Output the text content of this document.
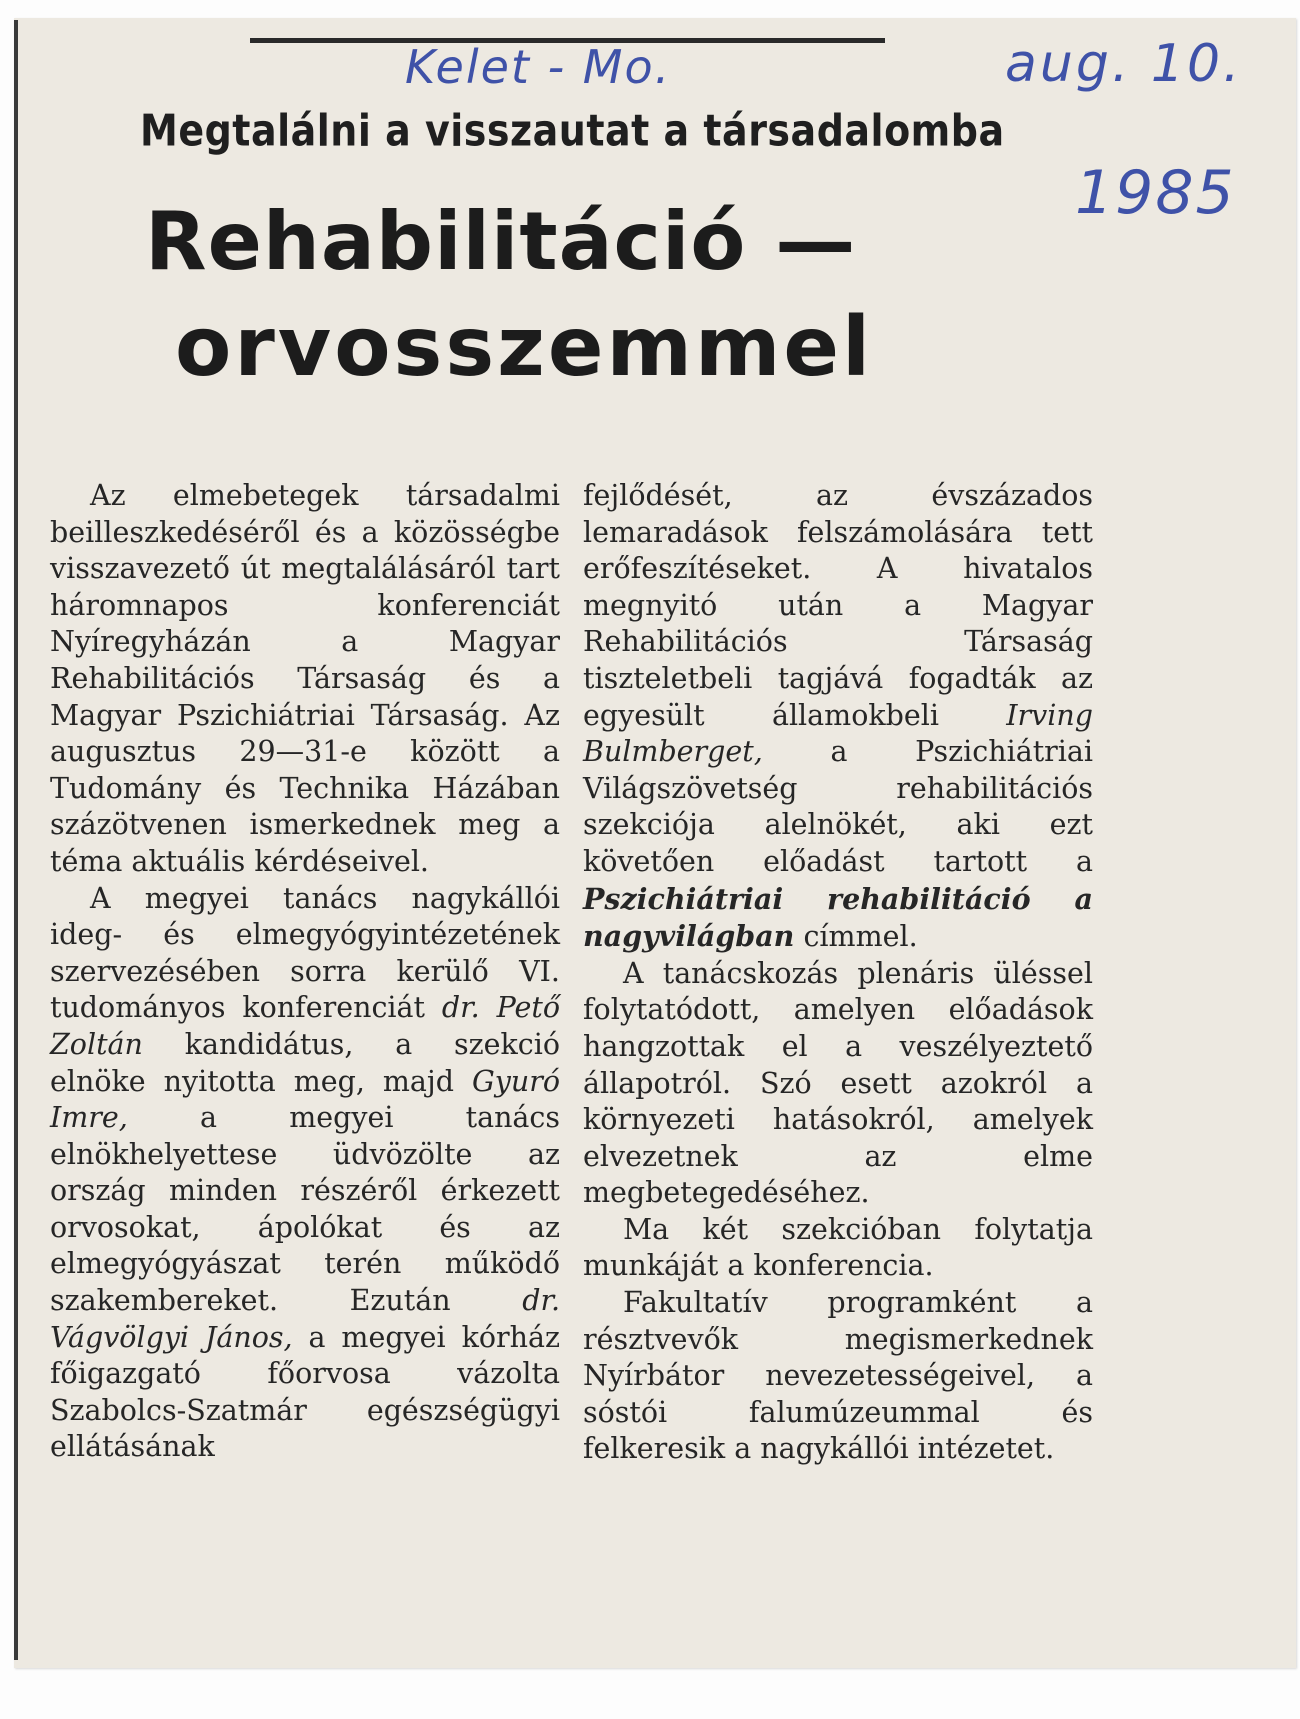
Kelet - Mo.	aug. 10.
1985
Megtalálni a visszautat a társadalomba
Rehabilitáció —
orvosszemmel

Az elmebetegek társadalmi beilleszkedéséről és a közösségbe visszavezető út megtalálásáról tart háromnapos konferenciát Nyíregyházán a Magyar Rehabilitációs Társaság és a Magyar Pszichiátriai Társaság. Az augusztus 29—31-e között a Tudomány és Technika Házában százötvenen ismerkednek meg a téma aktuális kérdéseivel.

A megyei tanács nagykállói ideg- és elmegyógyintézetének szervezésében sorra kerülő VI. tudományos konferenciát dr. Pető Zoltán kandidátus, a szekció elnöke nyitotta meg, majd Gyuró Imre, a megyei tanács elnökhelyettese üdvözölte az ország minden részéről érkezett orvosokat, ápolókat és az elmegyógyászat terén működő szakembereket. Ezután dr. Vágvölgyi János, a megyei kórház főigazgató főorvosa vázolta Szabolcs-Szatmár egészségügyi ellátásának

fejlődését, az évszázados lemaradások felszámolására tett erőfeszítéseket. A hivatalos megnyitó után a Magyar Rehabilitációs Társaság tiszteletbeli tagjává fogadták az egyesült államokbeli Irving Bulmberget, a Pszichiátriai Világszövetség rehabilitációs szekciója alelnökét, aki ezt követően előadást tartott a Pszichiátriai rehabilitáció a nagyvilágban címmel.

A tanácskozás plenáris üléssel folytatódott, amelyen előadások hangzottak el a veszélyeztető állapotról. Szó esett azokról a környezeti hatásokról, amelyek elvezetnek az elme megbetegedéséhez.

Ma két szekcióban folytatja munkáját a konferencia.

Fakultatív programként a résztvevők megismerkednek Nyírbátor nevezetességeivel, a sóstói falumúzeummal és felkeresik a nagykállói intézetet.
